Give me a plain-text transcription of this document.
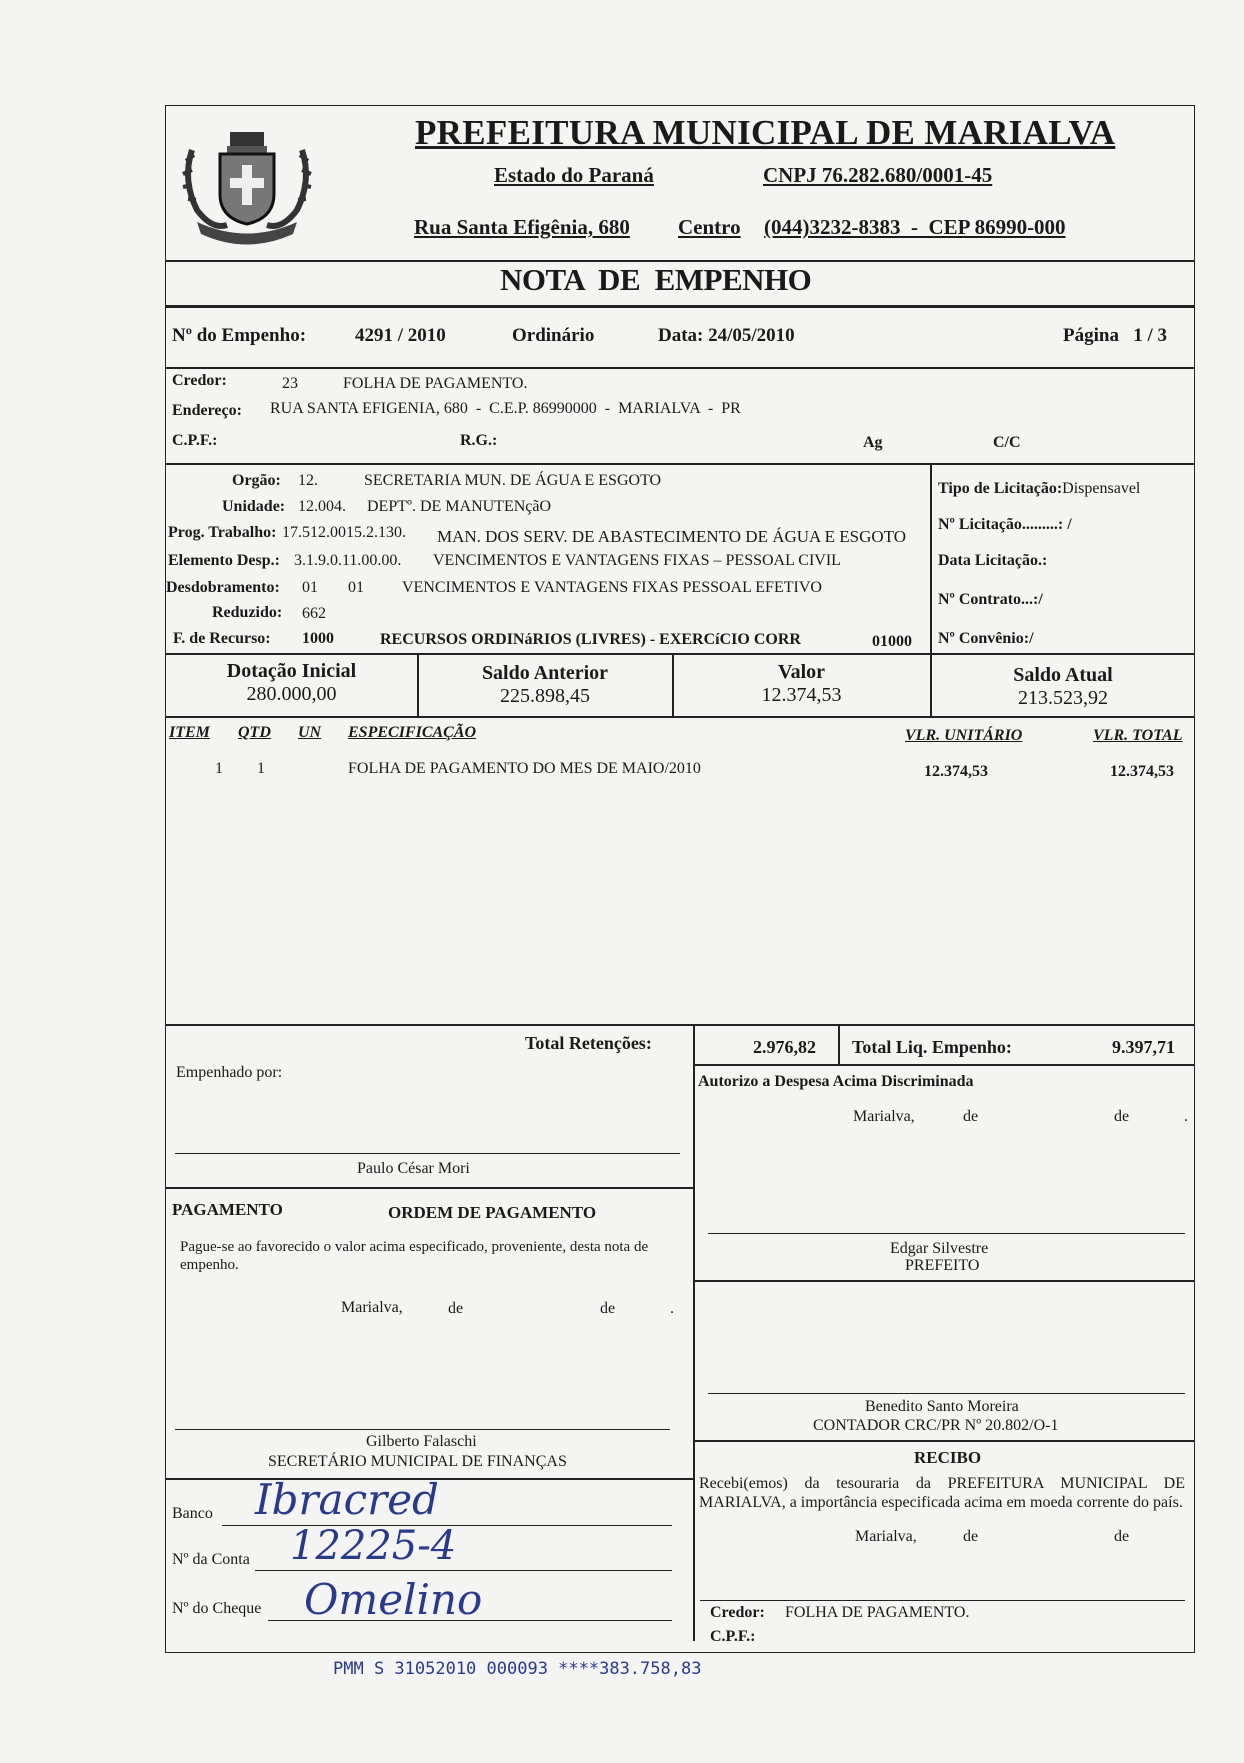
PREFEITURA MUNICIPAL DE MARIALVA
Estado do Paraná	CNPJ 76.282.680/0001-45
Rua Santa Efigênia, 680 Centro (044)3232-8383  -  CEP 86990-000
NOTA  DE  EMPENHO
Nº do Empenho:	4291 / 2010	Ordinário	Data: 24/05/2010	Página   1 / 3
Credor:	23	FOLHA DE PAGAMENTO.
Endereço: RUA SANTA EFIGENIA, 680  -  C.E.P. 86990000  -  MARIALVA  -  PR
C.P.F.:	R.G.:	Ag	C/C
Orgão: 12.	SECRETARIA MUN. DE ÁGUA E ESGOTO
Unidade: 12.004. DEPTº. DE MANUTENçãO
Prog. Trabalho: 17.512.0015.2.130. MAN. DOS SERV. DE ABASTECIMENTO DE ÁGUA E ESGOTO
Elemento Desp.: 3.1.9.0.11.00.00. VENCIMENTOS E VANTAGENS FIXAS – PESSOAL CIVIL
Desdobramento: 01 01 VENCIMENTOS E VANTAGENS FIXAS PESSOAL EFETIVO
Reduzido: 662
F. de Recurso: 1000	RECURSOS ORDINáRIOS (LIVRES) - EXERCíCIO CORR	01000
Tipo de Licitação:Dispensavel
Nº Licitação.........: /
Data Licitação.:
Nº Contrato...:/
Nº Convênio:/
Dotação Inicial
280.000,00
Saldo Anterior
225.898,45
Valor
12.374,53
Saldo Atual
213.523,92
ITEM QTD UN ESPECIFICAÇÃO	VLR. UNITÁRIO	VLR. TOTAL
1 1	FOLHA DE PAGAMENTO DO MES DE MAIO/2010	12.374,53	12.374,53
Total Retenções:	2.976,82 Total Liq. Empenho:	9.397,71
Empenhado por:
Paulo César Mori
PAGAMENTO	ORDEM DE PAGAMENTO
Pague-se ao favorecido o valor acima especificado, proveniente, desta nota de empenho.
Marialva,	de	de	.
Gilberto Falaschi
SECRETÁRIO MUNICIPAL DE FINANÇAS
Banco Ibracred
Nº da Conta 12225-4
Nº do Cheque Omelino
Autorizo a Despesa Acima Discriminada
Marialva,	de	de	.
Edgar Silvestre
PREFEITO
Benedito Santo Moreira
CONTADOR CRC/PR Nº 20.802/O-1
RECIBO
Recebi(emos) da tesouraria da PREFEITURA MUNICIPAL DE MARIALVA, a importância especificada acima em moeda corrente do país.
Marialva,	de	de
Credor: FOLHA DE PAGAMENTO.
C.P.F.:
PMM S 31052010 000093 ****383.758,83
